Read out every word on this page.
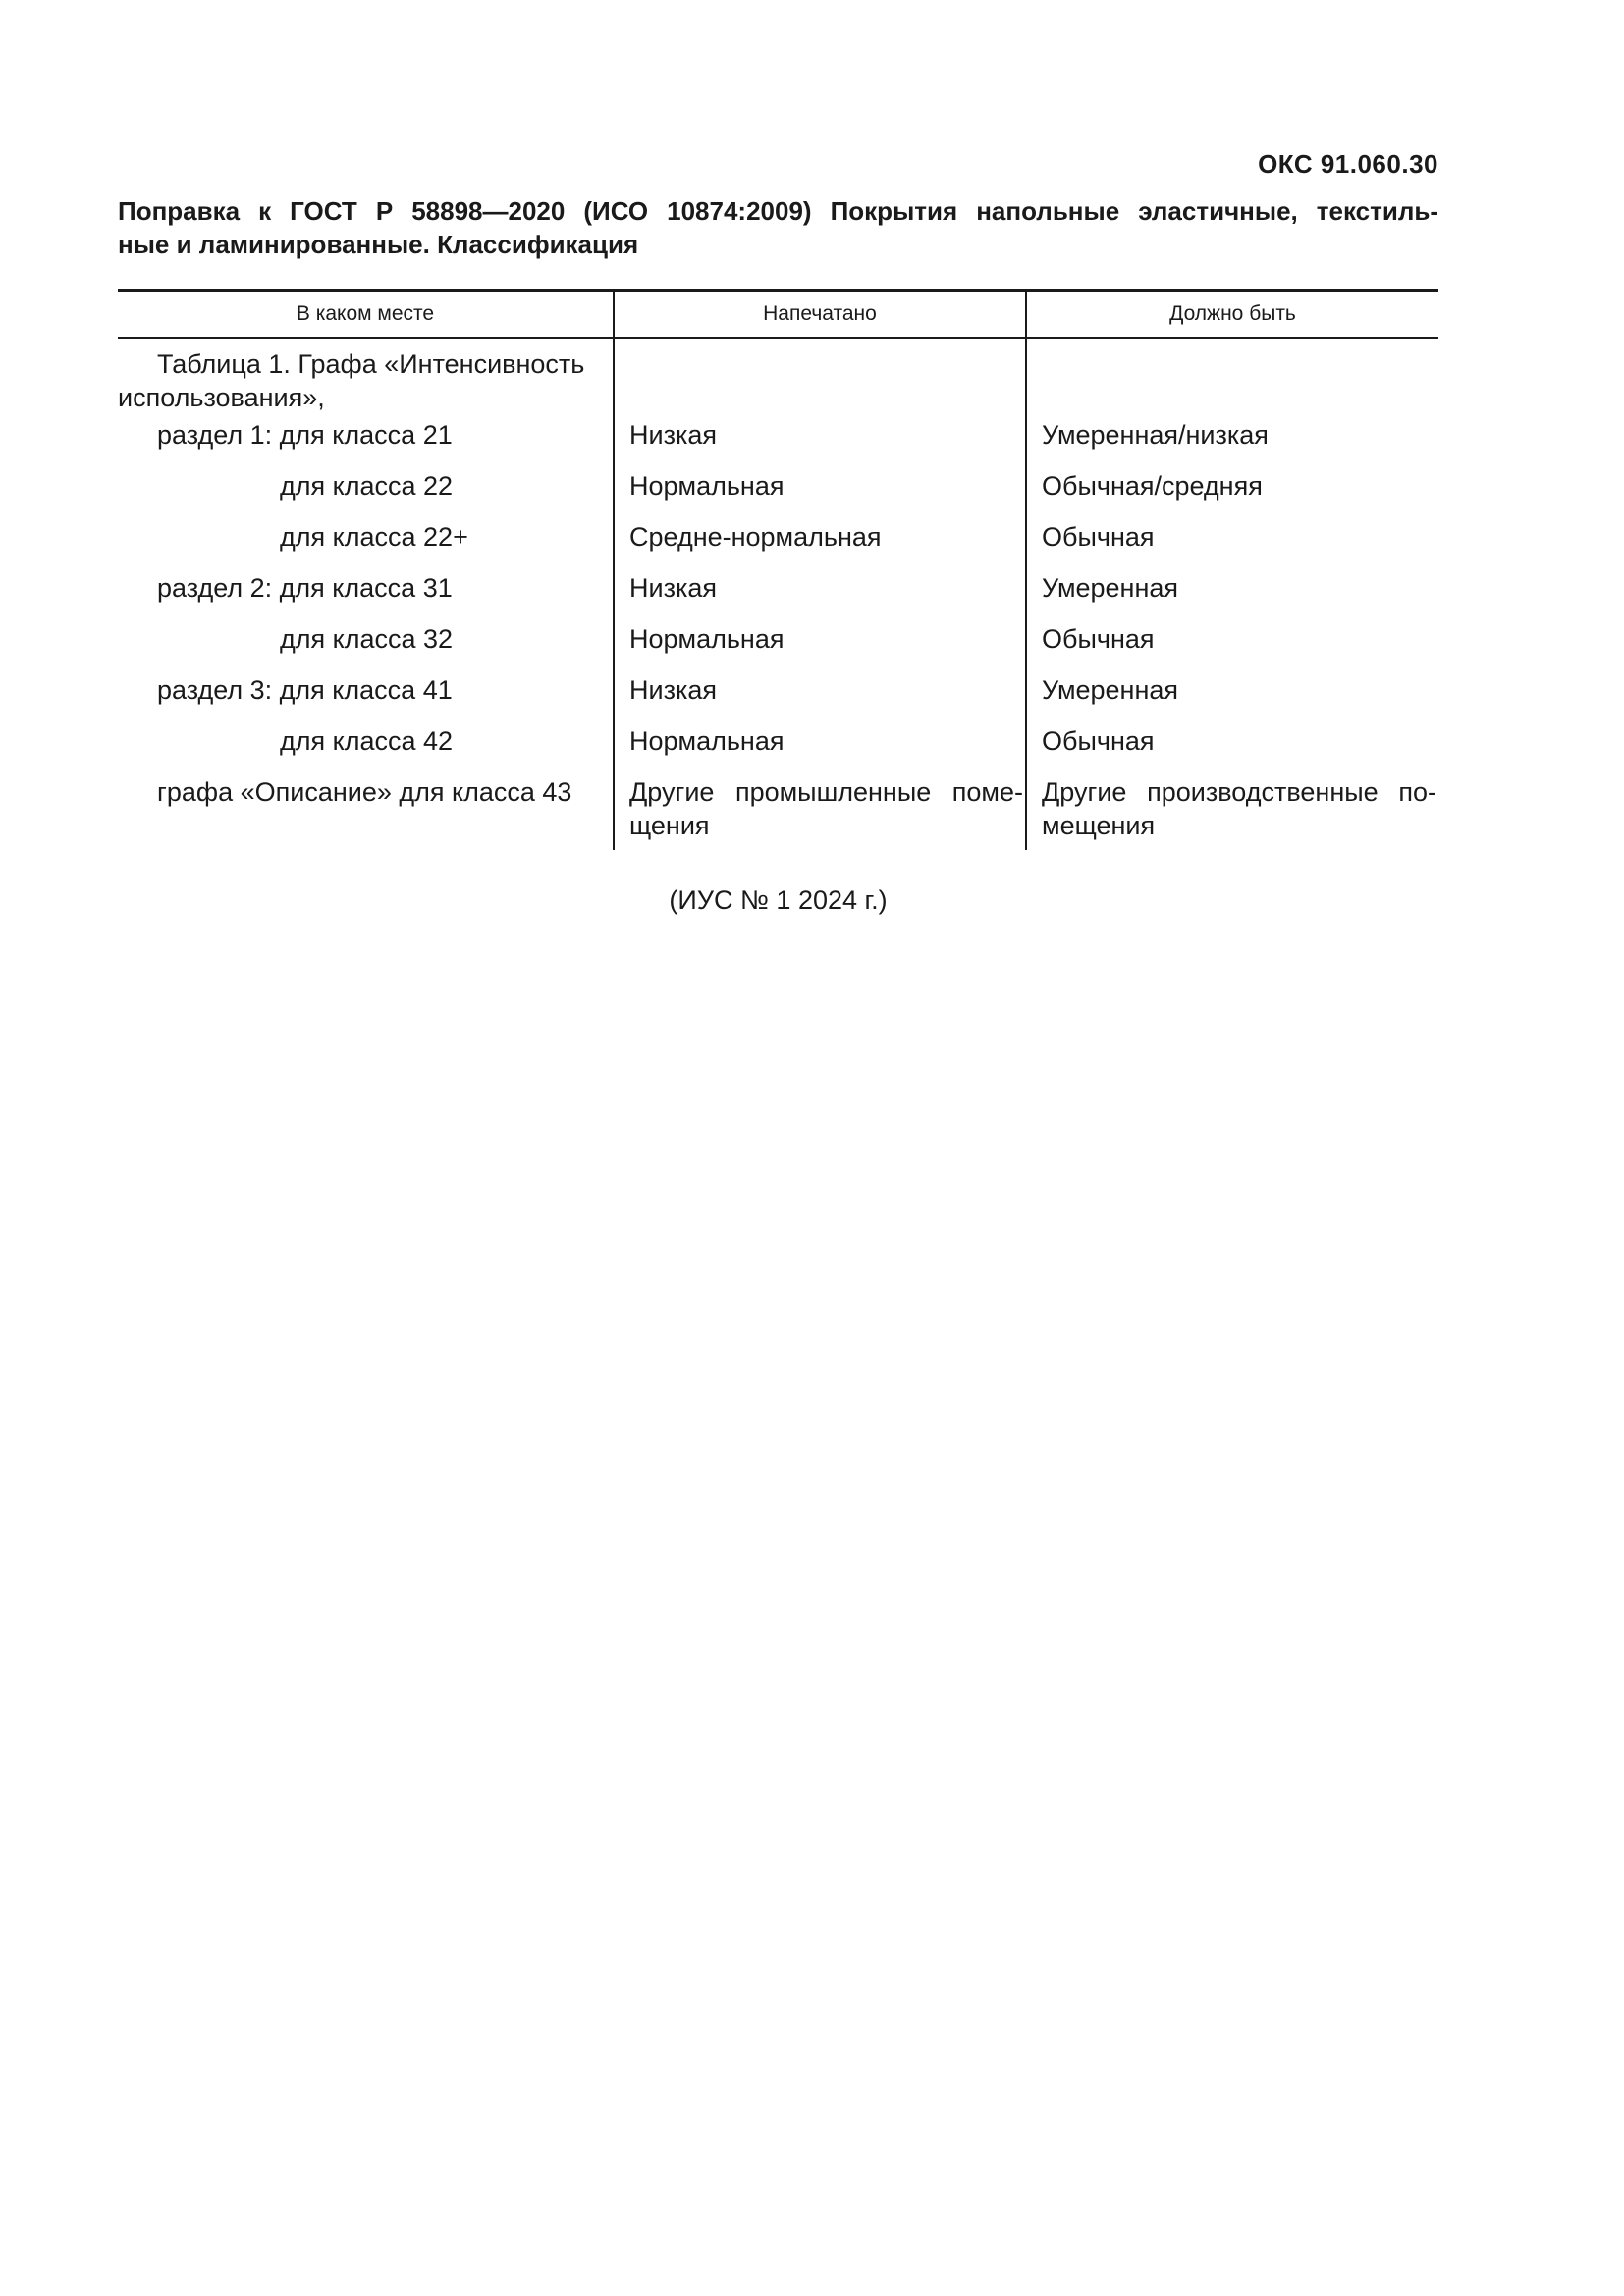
ОКС 91.060.30
Поправка к ГОСТ Р 58898—2020 (ИСО 10874:2009) Покрытия напольные эластичные, текстиль-
ные и ламинированные. Классификация
В каком месте	Напечатано	Должно быть
Таблица 1. Графа «Интенсивность использования»,
раздел 1: для класса 21
для класса 22
для класса 22+
раздел 2: для класса 31
для класса 32
раздел 3: для класса 41
для класса 42
графа «Описание» для класса 43
Низкая
Нормальная
Средне-нормальная
Низкая
Нормальная
Низкая
Нормальная
Другие промышленные поме-щения
Умеренная/низкая
Обычная/средняя
Обычная
Умеренная
Обычная
Умеренная
Обычная
Другие производственные по-мещения
(ИУС № 1 2024 г.)
